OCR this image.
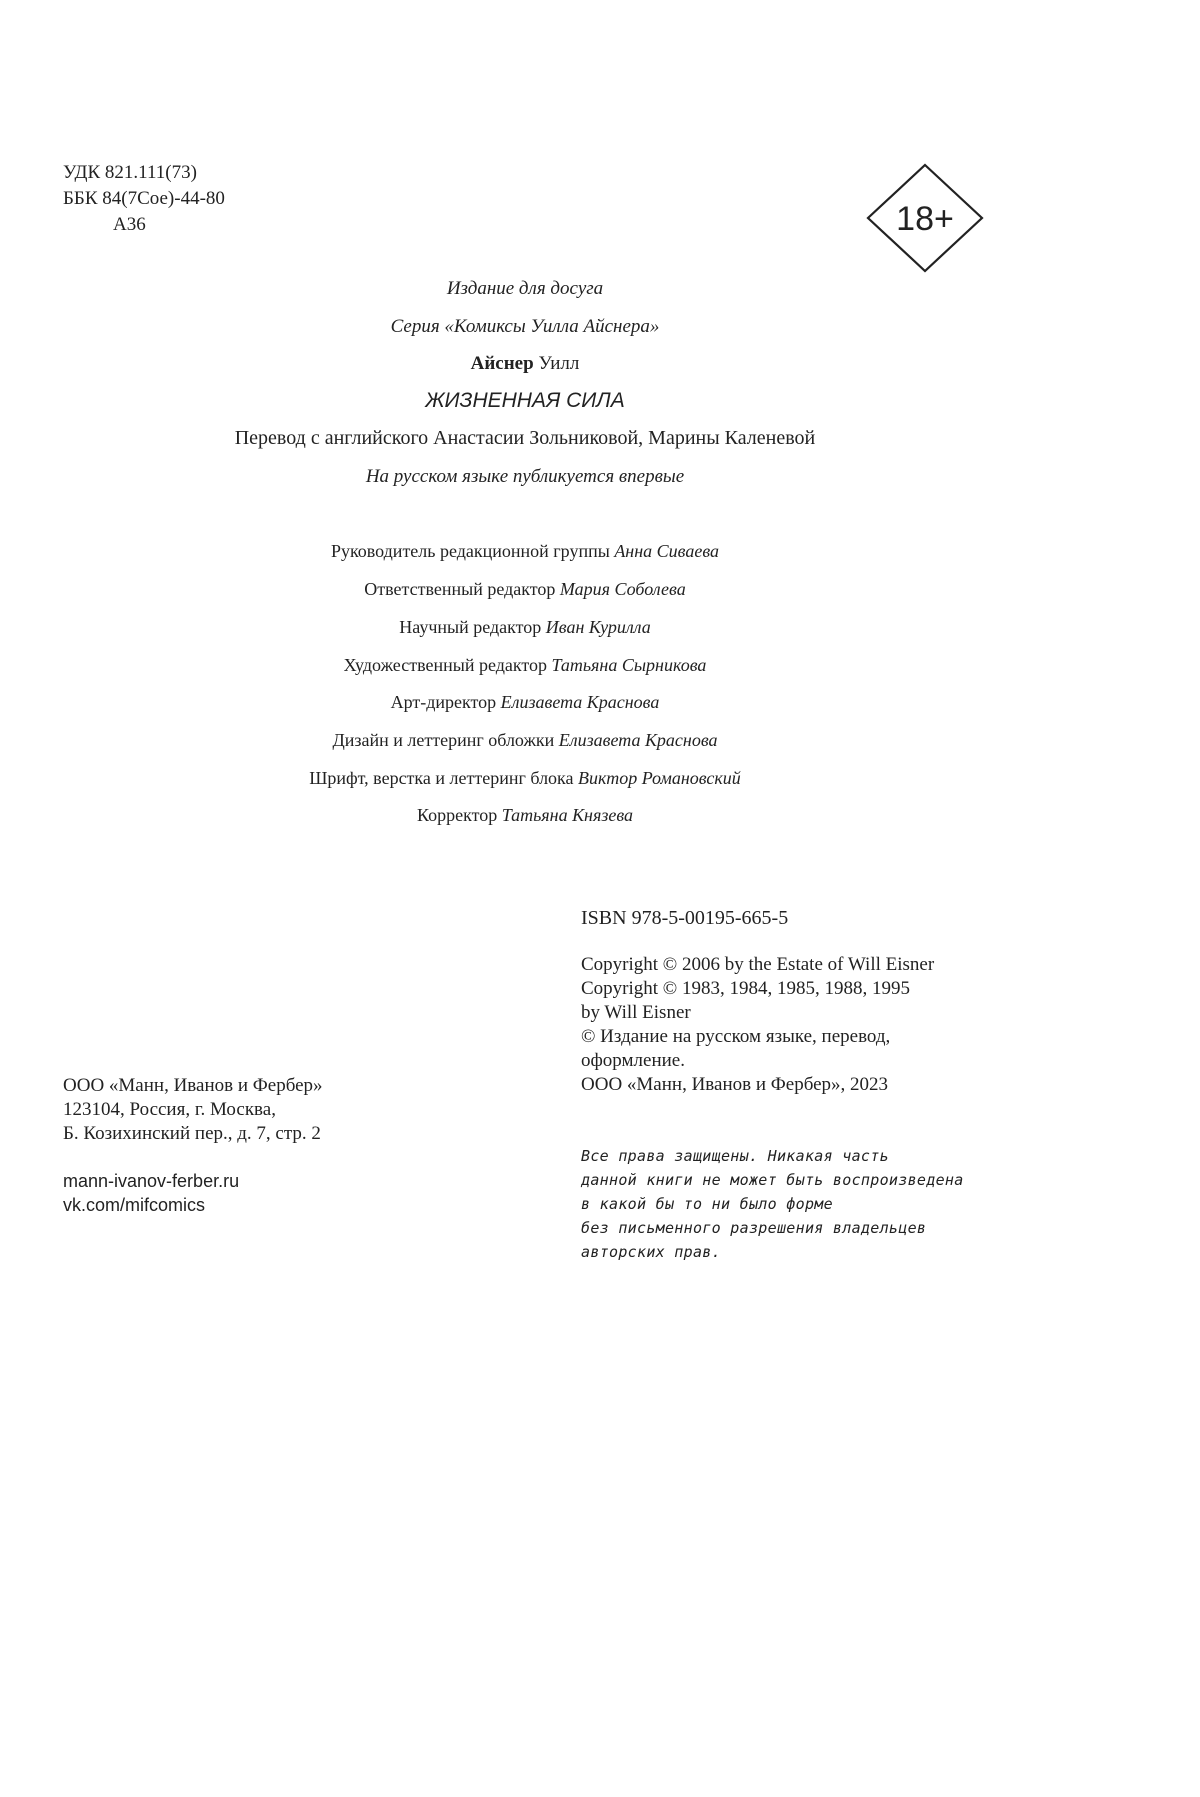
УДК 821.111(73)
ББК 84(7Сое)-44-80
А36	18+
Издание для досуга
Серия «Комиксы Уилла Айснера»
Айснер Уилл
ЖИЗНЕННАЯ СИЛА
Перевод с английского Анастасии Зольниковой, Марины Каленевой
На русском языке публикуется впервые
Руководитель редакционной группы Анна Сиваева
Ответственный редактор Мария Соболева
Научный редактор Иван Курилла
Художественный редактор Татьяна Сырникова
Арт-директор Елизавета Краснова
Дизайн и леттеринг обложки Елизавета Краснова
Шрифт, верстка и леттеринг блока Виктор Романовский
Корректор Татьяна Князева
ISBN 978-5-00195-665-5
Copyright © 2006 by the Estate of Will Eisner
Copyright © 1983, 1984, 1985, 1988, 1995
by Will Eisner
© Издание на русском языке, перевод,
оформление.
ООО «Манн, Иванов и Фербер», 2023
ООО «Манн, Иванов и Фербер»
123104, Россия, г. Москва,
Б. Козихинский пер., д. 7, стр. 2
mann-ivanov-ferber.ru
vk.com/mifcomics
Все права защищены. Никакая часть
данной книги не может быть воспроизведена
в какой бы то ни было форме
без письменного разрешения владельцев
авторских прав.
